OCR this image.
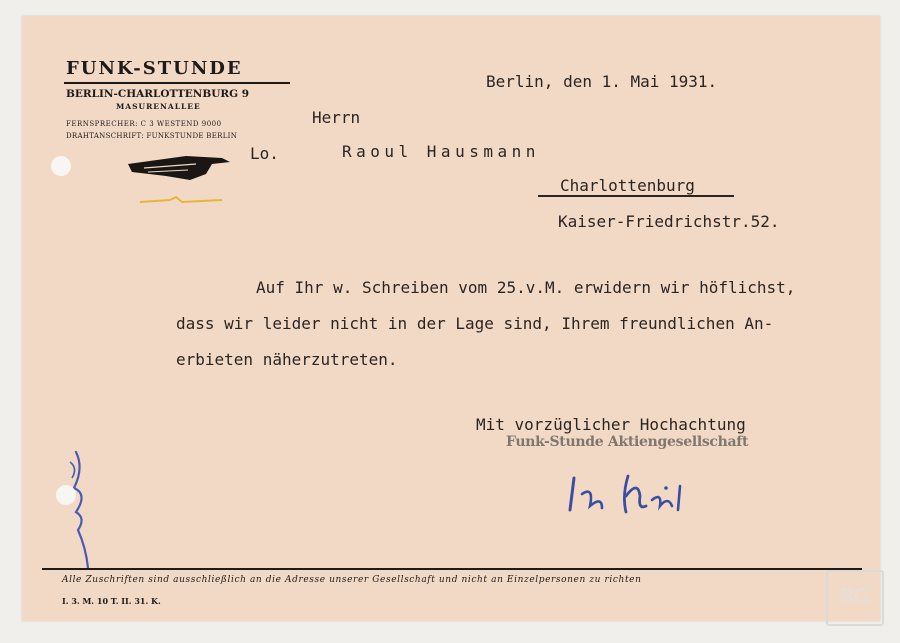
FUNK-STUNDE
BERLIN-CHARLOTTENBURG 9
MASURENALLEE
FERNSPRECHER: C 3 WESTEND 9000
DRAHTANSCHRIFT: FUNKSTUNDE BERLIN
Lo.
Berlin, den 1. Mai 1931.
Herrn
Raoul Hausmann
Charlottenburg
Kaiser-Friedrichstr.52.
Auf Ihr w. Schreiben vom 25.v.M. erwidern wir höflichst,
dass wir leider nicht in der Lage sind, Ihrem freundlichen An-
erbieten näherzutreten.
Mit vorzüglicher Hochachtung
Funk-Stunde Aktiengesellschaft
Alle Zuschriften sind ausschließlich an die Adresse unserer Gesellschaft und nicht an Einzelpersonen zu richten
I. 3. M. 10 T. II. 31. K.	BG
